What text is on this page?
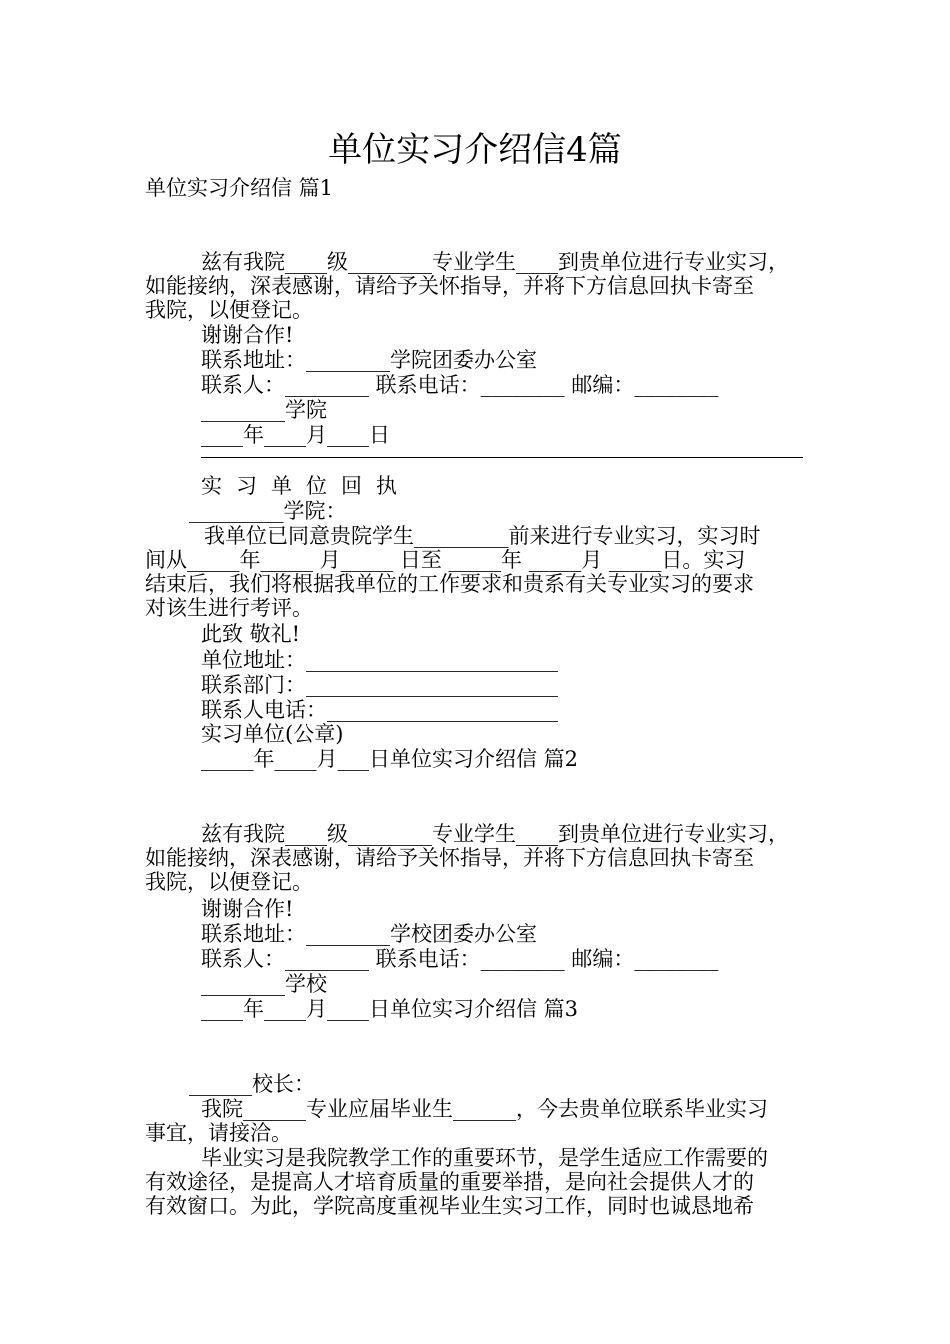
单位实习介绍信4篇
单位实习介绍信 篇1
兹有我院____级________专业学生____到贵单位进行专业实习，
如能接纳，深表感谢，请给予关怀指导，并将下方信息回执卡寄至
我院，以便登记。
谢谢合作!
联系地址：________学院团委办公室
联系人：________ 联系电话：________ 邮编：________
________学院
____年____月____日
实习单位回执
_________学院：
我单位已同意贵院学生_________前来进行专业实习，实习时
间从_____年_____ 月_____ 日至 _____年 _____月 _____日。实习
结束后，我们将根据我单位的工作要求和贵系有关专业实习的要求
对该生进行考评。
此致 敬礼!
单位地址：________________________
联系部门：________________________
联系人电话：______________________
实习单位(公章)
_____年____月___日单位实习介绍信 篇2
兹有我院____级________专业学生____到贵单位进行专业实习，
如能接纳，深表感谢，请给予关怀指导，并将下方信息回执卡寄至
我院，以便登记。
谢谢合作!
联系地址：________学校团委办公室
联系人：________ 联系电话：________ 邮编：________
________学校
____年____月____日单位实习介绍信 篇3
______校长：
我院______专业应届毕业生______，今去贵单位联系毕业实习
事宜，请接洽。
毕业实习是我院教学工作的重要环节，是学生适应工作需要的
有效途径，是提高人才培育质量的重要举措，是向社会提供人才的
有效窗口。为此，学院高度重视毕业生实习工作，同时也诚恳地希
